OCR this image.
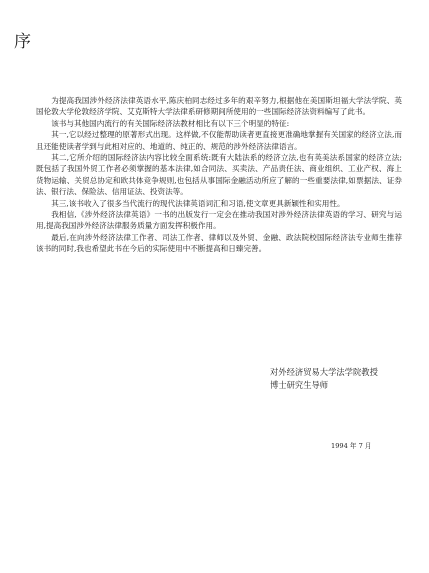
序

为提高我国涉外经济法律英语水平,陈庆柏同志经过多年的艰辛努力,根据他在美国斯坦福大学法学院、英国伦敦大学伦敦经济学院、艾克斯特大学法律系研修期间所使用的一些国际经济法资料编写了此书。

该书与其他国内流行的有关国际经济法教材相比有以下三个明显的特征:

其一,它以经过整理的原著形式出现。这样做,不仅能帮助读者更直接更准确地掌握有关国家的经济立法,而且还能使读者学到与此相对应的、地道的、纯正的、规范的涉外经济法律语言。

其二,它所介绍的国际经济法内容比较全面系统:既有大陆法系的经济立法,也有英美法系国家的经济立法;既包括了我国外贸工作者必须掌握的基本法律,如合同法、买卖法、产品责任法、商业组织、工业产权、海上货物运输、关贸总协定和欧共体竞争规则,也包括从事国际金融活动所应了解的一些重要法律,如票据法、证券法、银行法、保险法、信用证法、投资法等。

其三,该书收入了很多当代流行的现代法律英语词汇和习语,使文章更具新颖性和实用性。

我相信,《涉外经济法律英语》一书的出版发行一定会在推动我国对涉外经济法律英语的学习、研究与运用,提高我国涉外经济法律服务质量方面发挥积极作用。

最后,在向涉外经济法律工作者、司法工作者、律师以及外贸、金融、政法院校国际经济法专业师生推荐该书的同时,我也希望此书在今后的实际使用中不断提高和日臻完善。

对外经济贸易大学法学院教授
博士研究生导师
1994 年 7 月
